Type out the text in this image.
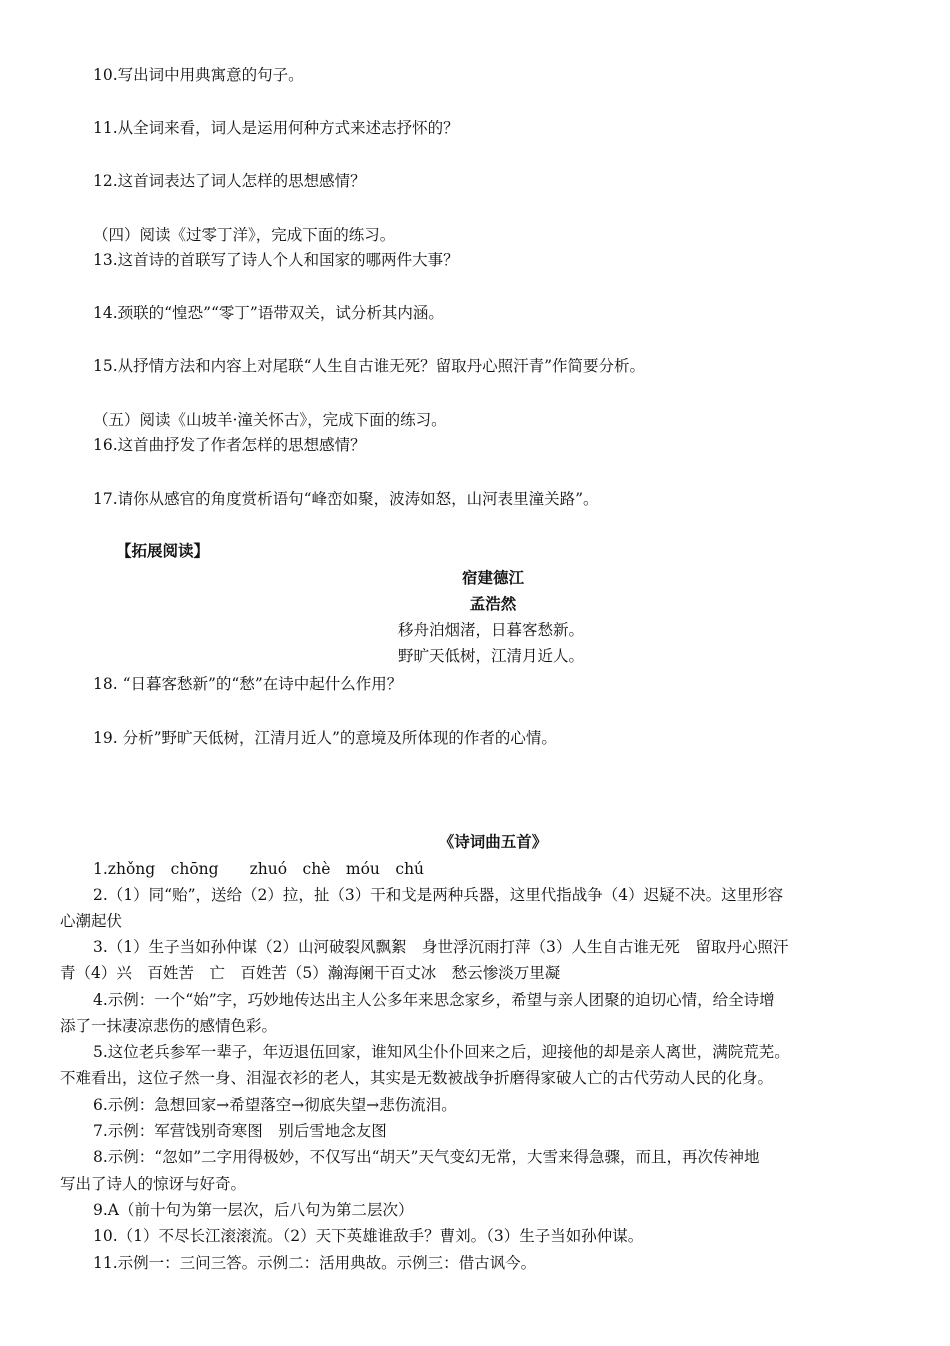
10.写出词中用典寓意的句子。
11.从全词来看，词人是运用何种方式来述志抒怀的？
12.这首词表达了词人怎样的思想感情？
（四）阅读《过零丁洋》，完成下面的练习。
13.这首诗的首联写了诗人个人和国家的哪两件大事？
14.颈联的“惶恐”“零丁”语带双关，试分析其内涵。
15.从抒情方法和内容上对尾联“人生自古谁无死？留取丹心照汗青”作简要分析。
（五）阅读《山坡羊·潼关怀古》，完成下面的练习。
16.这首曲抒发了作者怎样的思想感情？
17.请你从感官的角度赏析语句“峰峦如聚，波涛如怒，山河表里潼关路”。
【拓展阅读】
宿建德江
孟浩然
移舟泊烟渚，日暮客愁新。
野旷天低树，江清月近人。
18. “日暮客愁新”的“愁”在诗中起什么作用？
19. 分析”野旷天低树，江清月近人”的意境及所体现的作者的心情。
《诗词曲五首》
1.zhǒng　chōng　　zhuó　chè　móu　chú
2.（1）同“贻”，送给（2）拉，扯（3）干和戈是两种兵器，这里代指战争（4）迟疑不决。这里形容
心潮起伏
3.（1）生子当如孙仲谋（2）山河破裂风飘絮　身世浮沉雨打萍（3）人生自古谁无死　留取丹心照汗
青（4）兴　百姓苦　亡　百姓苦（5）瀚海阑干百丈冰　愁云惨淡万里凝
4.示例：一个“始”字，巧妙地传达出主人公多年来思念家乡，希望与亲人团聚的迫切心情，给全诗增
添了一抹凄凉悲伤的感情色彩。
5.这位老兵参军一辈子，年迈退伍回家，谁知风尘仆仆回来之后，迎接他的却是亲人离世，满院荒芜。
不难看出，这位孑然一身、泪湿衣衫的老人，其实是无数被战争折磨得家破人亡的古代劳动人民的化身。
6.示例：急想回家→希望落空→彻底失望→悲伤流泪。
7.示例：军营饯别奇寒图　别后雪地念友图
8.示例：“忽如”二字用得极妙，不仅写出“胡天”天气变幻无常，大雪来得急骤，而且，再次传神地
写出了诗人的惊讶与好奇。
9.A（前十句为第一层次，后八句为第二层次）
10.（1）不尽长江滚滚流。（2）天下英雄谁敌手？曹刘。（3）生子当如孙仲谋。
11.示例一：三问三答。示例二：活用典故。示例三：借古讽今。
